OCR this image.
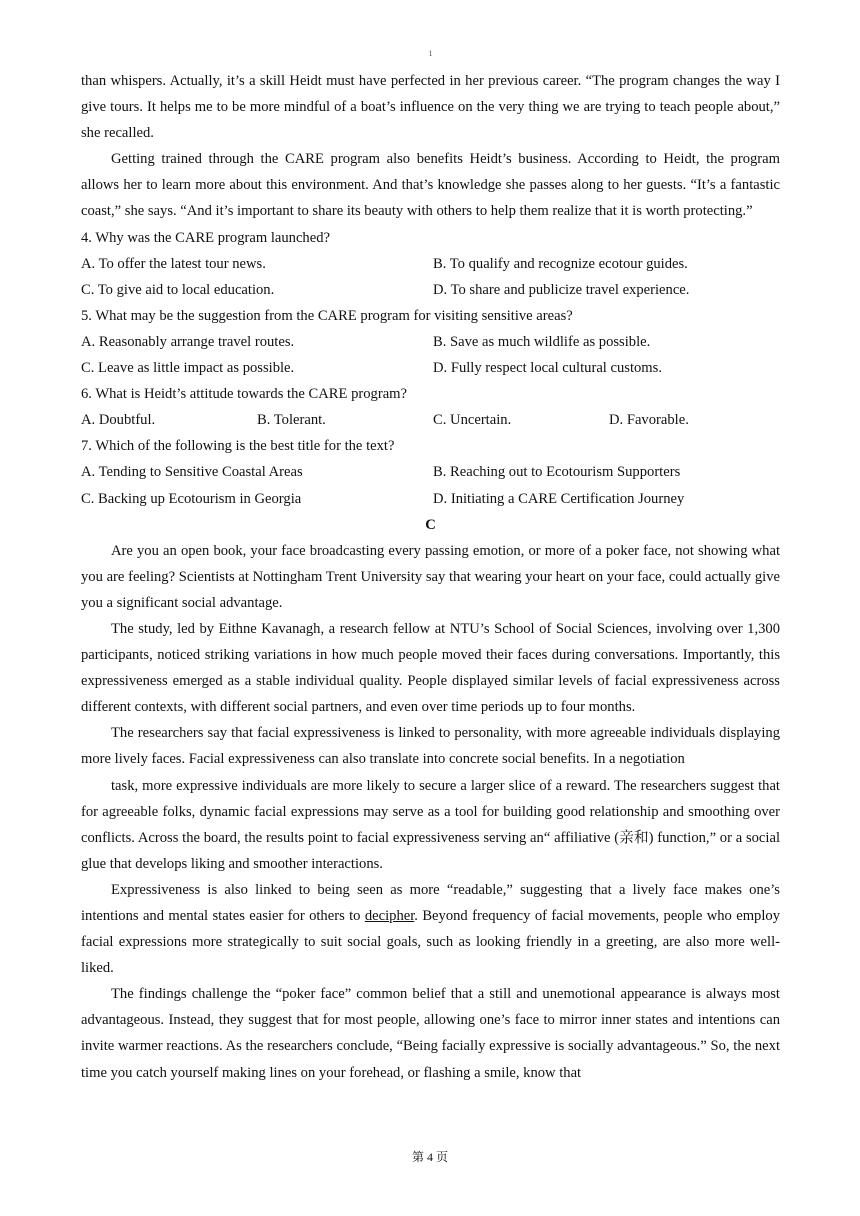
1

than whispers. Actually, it’s a skill Heidt must have perfected in her previous career. “The program changes the way I give tours. It helps me to be more mindful of a boat’s influence on the very thing we are trying to teach people about,” she recalled.

Getting trained through the CARE program also benefits Heidt’s business. According to Heidt, the program allows her to learn more about this environment. And that’s knowledge she passes along to her guests. “It’s a fantastic coast,” she says. “And it’s important to share its beauty with others to help them realize that it is worth protecting.”

4. Why was the CARE program launched?

A. To offer the latest tour news.	B. To qualify and recognize ecotour guides.
C. To give aid to local education.	D. To share and publicize travel experience.

5. What may be the suggestion from the CARE program for visiting sensitive areas?

A. Reasonably arrange travel routes.	B. Save as much wildlife as possible.
C. Leave as little impact as possible.	D. Fully respect local cultural customs.

6. What is Heidt’s attitude towards the CARE program?

A. Doubtful.	B. Tolerant.	C. Uncertain.	D. Favorable.

7. Which of the following is the best title for the text?

A. Tending to Sensitive Coastal Areas	B. Reaching out to Ecotourism Supporters
C. Backing up Ecotourism in Georgia	D. Initiating a CARE Certification Journey

C

Are you an open book, your face broadcasting every passing emotion, or more of a poker face, not showing what you are feeling? Scientists at Nottingham Trent University say that wearing your heart on your face, could actually give you a significant social advantage.

The study, led by Eithne Kavanagh, a research fellow at NTU’s School of Social Sciences, involving over 1,300 participants, noticed striking variations in how much people moved their faces during conversations. Importantly, this expressiveness emerged as a stable individual quality. People displayed similar levels of facial expressiveness across different contexts, with different social partners, and even over time periods up to four months.

The researchers say that facial expressiveness is linked to personality, with more agreeable individuals displaying more lively faces. Facial expressiveness can also translate into concrete social benefits. In a negotiation

task, more expressive individuals are more likely to secure a larger slice of a reward. The researchers suggest that for agreeable folks, dynamic facial expressions may serve as a tool for building good relationship and smoothing over conflicts. Across the board, the results point to facial expressiveness serving an“ affiliative (亲和) function,” or a social glue that develops liking and smoother interactions.

Expressiveness is also linked to being seen as more “readable,” suggesting that a lively face makes one’s intentions and mental states easier for others to decipher. Beyond frequency of facial movements, people who employ facial expressions more strategically to suit social goals, such as looking friendly in a greeting, are also more well- liked.

The findings challenge the “poker face” common belief that a still and unemotional appearance is always most advantageous. Instead, they suggest that for most people, allowing one’s face to mirror inner states and intentions can invite warmer reactions. As the researchers conclude, “Being facially expressive is socially advantageous.” So, the next time you catch yourself making lines on your forehead, or flashing a smile, know that

第 4 页
